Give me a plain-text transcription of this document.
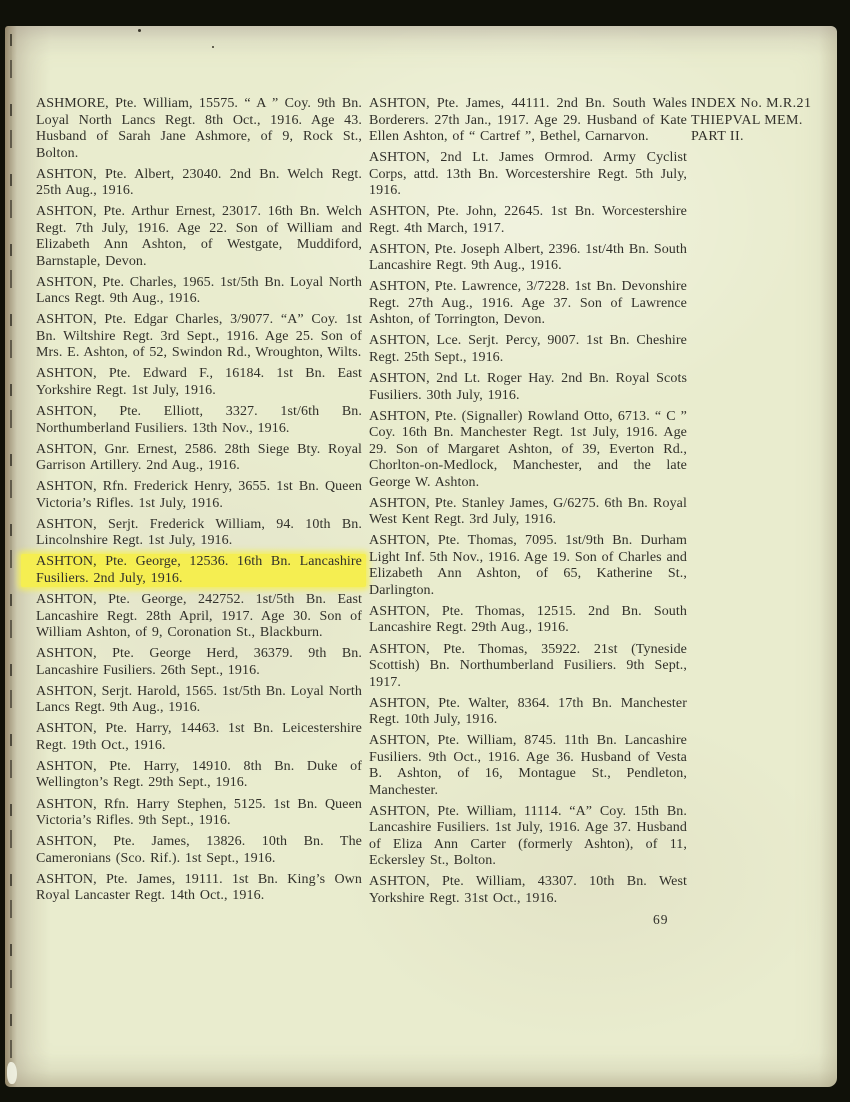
ASHMORE, Pte. William, 15575. “ A ” Coy. 9th Bn. Loyal North Lancs Regt. 8th Oct., 1916. Age 43. Husband of Sarah Jane Ashmore, of 9, Rock St., Bolton.

ASHTON, Pte. Albert, 23040. 2nd Bn. Welch Regt. 25th Aug., 1916.

ASHTON, Pte. Arthur Ernest, 23017. 16th Bn. Welch Regt. 7th July, 1916. Age 22. Son of William and Elizabeth Ann Ashton, of Westgate, Muddiford, Barnstaple, Devon.

ASHTON, Pte. Charles, 1965. 1st/5th Bn. Loyal North Lancs Regt. 9th Aug., 1916.

ASHTON, Pte. Edgar Charles, 3/9077. “A” Coy. 1st Bn. Wiltshire Regt. 3rd Sept., 1916. Age 25. Son of Mrs. E. Ashton, of 52, Swindon Rd., Wroughton, Wilts.

ASHTON, Pte. Edward F., 16184. 1st Bn. East Yorkshire Regt. 1st July, 1916.

ASHTON, Pte. Elliott, 3327. 1st/6th Bn. Northumberland Fusiliers. 13th Nov., 1916.

ASHTON, Gnr. Ernest, 2586. 28th Siege Bty. Royal Garrison Artillery. 2nd Aug., 1916.

ASHTON, Rfn. Frederick Henry, 3655. 1st Bn. Queen Victoria’s Rifles. 1st July, 1916.

ASHTON, Serjt. Frederick William, 94. 10th Bn. Lincolnshire Regt. 1st July, 1916.

ASHTON, Pte. George, 12536. 16th Bn. Lancashire Fusiliers. 2nd July, 1916.

ASHTON, Pte. George, 242752. 1st/5th Bn. East Lancashire Regt. 28th April, 1917. Age 30. Son of William Ashton, of 9, Coronation St., Blackburn.

ASHTON, Pte. George Herd, 36379. 9th Bn. Lancashire Fusiliers. 26th Sept., 1916.

ASHTON, Serjt. Harold, 1565. 1st/5th Bn. Loyal North Lancs Regt. 9th Aug., 1916.

ASHTON, Pte. Harry, 14463. 1st Bn. Leicestershire Regt. 19th Oct., 1916.

ASHTON, Pte. Harry, 14910. 8th Bn. Duke of Wellington’s Regt. 29th Sept., 1916.

ASHTON, Rfn. Harry Stephen, 5125. 1st Bn. Queen Victoria’s Rifles. 9th Sept., 1916.

ASHTON, Pte. James, 13826. 10th Bn. The Cameronians (Sco. Rif.). 1st Sept., 1916.

ASHTON, Pte. James, 19111. 1st Bn. King’s Own Royal Lancaster Regt. 14th Oct., 1916.

ASHTON, Pte. James, 44111. 2nd Bn. South Wales Borderers. 27th Jan., 1917. Age 29. Husband of Kate Ellen Ashton, of “ Cartref ”, Bethel, Carnarvon.

ASHTON, 2nd Lt. James Ormrod. Army Cyclist Corps, attd. 13th Bn. Worcestershire Regt. 5th July, 1916.

ASHTON, Pte. John, 22645. 1st Bn. Worcestershire Regt. 4th March, 1917.

ASHTON, Pte. Joseph Albert, 2396. 1st/4th Bn. South Lancashire Regt. 9th Aug., 1916.

ASHTON, Pte. Lawrence, 3/7228. 1st Bn. Devonshire Regt. 27th Aug., 1916. Age 37. Son of Lawrence Ashton, of Torrington, Devon.

ASHTON, Lce. Serjt. Percy, 9007. 1st Bn. Cheshire Regt. 25th Sept., 1916.

ASHTON, 2nd Lt. Roger Hay. 2nd Bn. Royal Scots Fusiliers. 30th July, 1916.

ASHTON, Pte. (Signaller) Rowland Otto, 6713. “ C ” Coy. 16th Bn. Manchester Regt. 1st July, 1916. Age 29. Son of Margaret Ashton, of 39, Everton Rd., Chorlton-on-Medlock, Manchester, and the late George W. Ashton.

ASHTON, Pte. Stanley James, G/6275. 6th Bn. Royal West Kent Regt. 3rd July, 1916.

ASHTON, Pte. Thomas, 7095. 1st/9th Bn. Durham Light Inf. 5th Nov., 1916. Age 19. Son of Charles and Elizabeth Ann Ashton, of 65, Katherine St., Darlington.

ASHTON, Pte. Thomas, 12515. 2nd Bn. South Lancashire Regt. 29th Aug., 1916.

ASHTON, Pte. Thomas, 35922. 21st (Tyneside Scottish) Bn. Northumberland Fusiliers. 9th Sept., 1917.

ASHTON, Pte. Walter, 8364. 17th Bn. Manchester Regt. 10th July, 1916.

ASHTON, Pte. William, 8745. 11th Bn. Lancashire Fusiliers. 9th Oct., 1916. Age 36. Husband of Vesta B. Ashton, of 16, Montague St., Pendleton, Manchester.

ASHTON, Pte. William, 11114. “A” Coy. 15th Bn. Lancashire Fusiliers. 1st July, 1916. Age 37. Husband of Eliza Ann Carter (formerly Ashton), of 11, Eckersley St., Bolton.

ASHTON, Pte. William, 43307. 10th Bn. West Yorkshire Regt. 31st Oct., 1916.

INDEX No. M.R.21
THIEPVAL MEM.
PART II.
69
